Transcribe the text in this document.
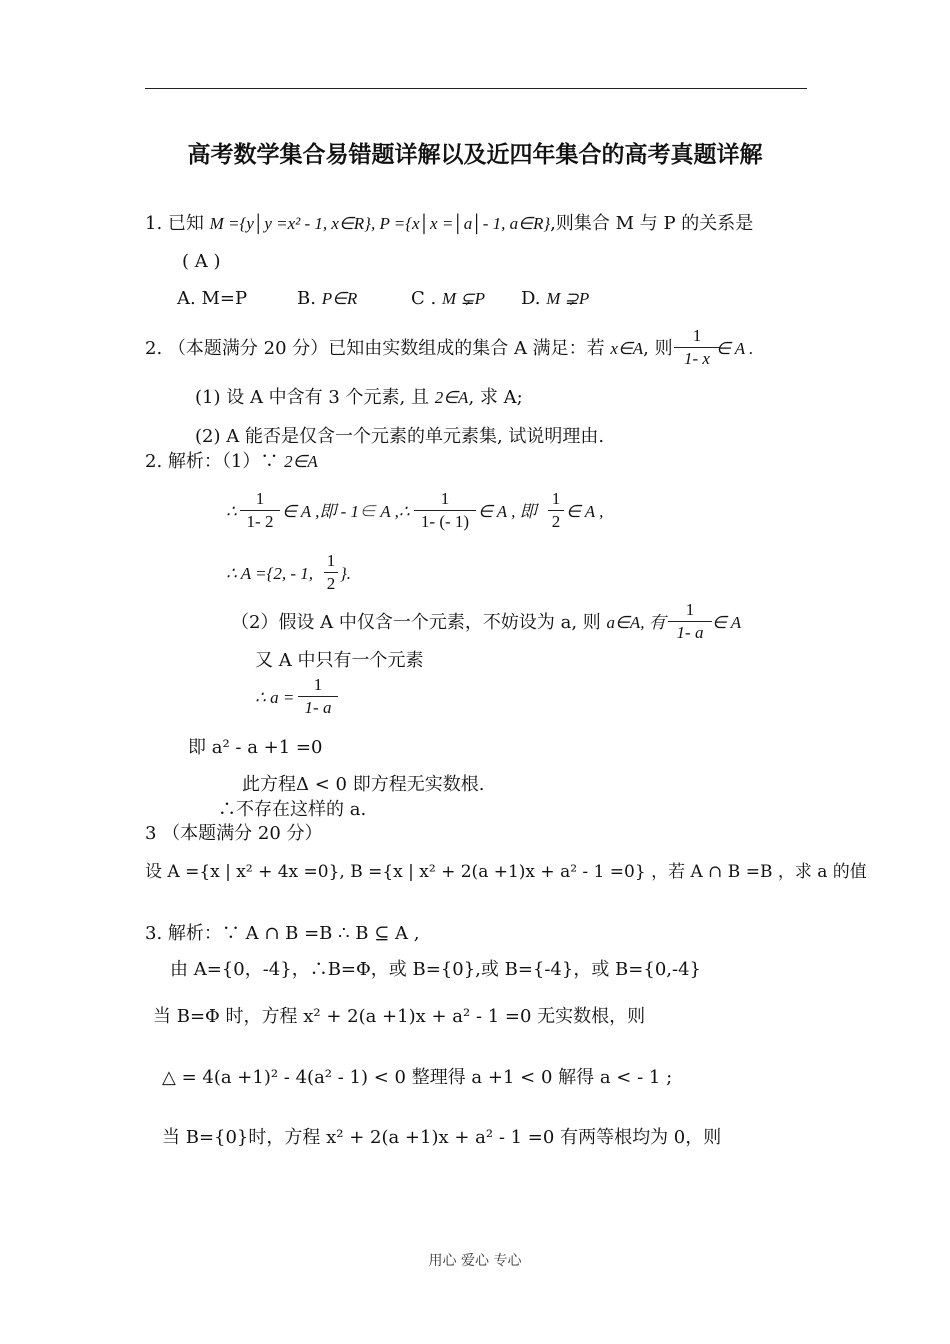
高考数学集合易错题详解以及近四年集合的高考真题详解
1. 已知 M ={y│y =x² - 1, x∈R}, P ={x│x =│a│- 1, a∈R},则集合 M 与 P 的关系是
( A )
A. M=P	B. P∈R	C . M ⊊P D. M ⊋P
2. （本题满分 20 分）已知由实数组成的集合 A 满足：若 x∈A, 则
1
1- x
∈ A .
(1) 设 A 中含有 3 个元素, 且 2∈A, 求 A;
(2) A 能否是仅含一个元素的单元素集, 试说明理由.
2. 解析：（1）∵ 2∈A
∴
1
1- 2
∈ A ,即 - 1∈ A ,∴
1
1- (- 1)
∈ A , 即
1
2
∈ A ,
∴ A ={2, - 1,
1
2
}.
（2）假设 A 中仅含一个元素，不妨设为 a, 则 a∈A, 有
1
1- a
∈ A
又 A 中只有一个元素
∴ a =
1
1- a
即 a² - a +1 =0
此方程Δ < 0 即方程无实数根.
∴不存在这样的 a.
3 （本题满分 20 分）
设 A ={x | x² + 4x =0}, B ={x | x² + 2(a +1)x + a² - 1 =0} ，若 A ∩ B =B ，求 a 的值
3. 解析：∵ A ∩ B =B ∴ B ⊆ A ,
由 A={0，-4}，∴B=Φ，或 B={0},或 B={-4}，或 B={0,-4}
当 B=Φ 时，方程 x² + 2(a +1)x + a² - 1 =0 无实数根，则
△ = 4(a +1)² - 4(a² - 1) < 0 整理得 a +1 < 0 解得 a < - 1 ;
当 B={0}时，方程 x² + 2(a +1)x + a² - 1 =0 有两等根均为 0，则
用心 爱心 专心
